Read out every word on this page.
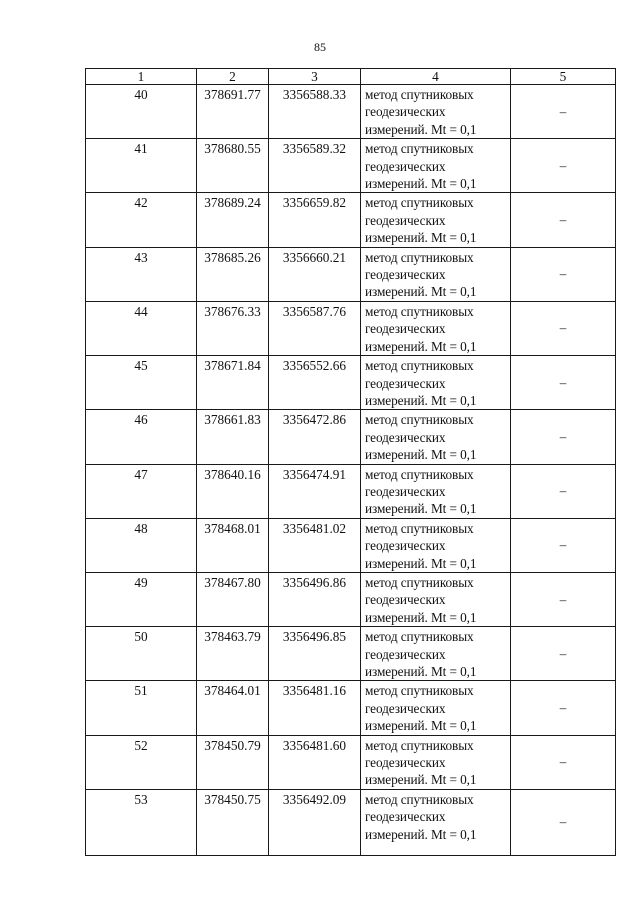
85
1	2	3	4	5
40	378691.77	3356588.33	метод спутниковых
геодезических
измерений. Mt = 0,1	–
41	378680.55	3356589.32	метод спутниковых
геодезических
измерений. Mt = 0,1	–
42	378689.24	3356659.82	метод спутниковых
геодезических
измерений. Mt = 0,1	–
43	378685.26	3356660.21	метод спутниковых
геодезических
измерений. Mt = 0,1	–
44	378676.33	3356587.76	метод спутниковых
геодезических
измерений. Mt = 0,1	–
45	378671.84	3356552.66	метод спутниковых
геодезических
измерений. Mt = 0,1	–
46	378661.83	3356472.86	метод спутниковых
геодезических
измерений. Mt = 0,1	–
47	378640.16	3356474.91	метод спутниковых
геодезических
измерений. Mt = 0,1	–
48	378468.01	3356481.02	метод спутниковых
геодезических
измерений. Mt = 0,1	–
49	378467.80	3356496.86	метод спутниковых
геодезических
измерений. Mt = 0,1	–
50	378463.79	3356496.85	метод спутниковых
геодезических
измерений. Mt = 0,1	–
51	378464.01	3356481.16	метод спутниковых
геодезических
измерений. Mt = 0,1	–
52	378450.79	3356481.60	метод спутниковых
геодезических
измерений. Mt = 0,1	–
53	378450.75	3356492.09	метод спутниковых
геодезических
измерений. Mt = 0,1	–
